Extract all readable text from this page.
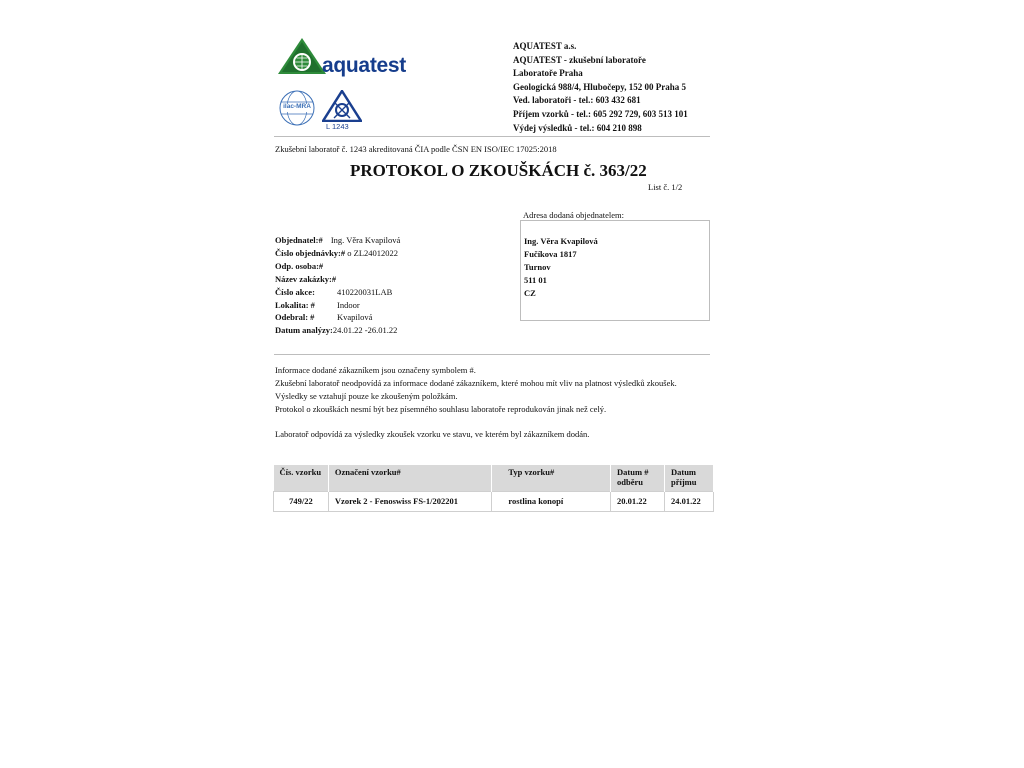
aquatest
ilac-MRA
L 1243
AQUATEST a.s.
AQUATEST - zkušební laboratoře
Laboratoře Praha
Geologická 988/4, Hlubočepy, 152 00 Praha 5
Ved. laboratoři - tel.: 603 432 681
Příjem vzorků - tel.: 605 292 729, 603 513 101
Výdej výsledků - tel.: 604 210 898
Zkušební laboratoř č. 1243 akreditovaná ČIA podle ČSN EN ISO/IEC 17025:2018
PROTOKOL O ZKOUŠKÁCH č. 363/22
List č. 1/2
Objednatel:# Ing. Věra Kvapilová
Číslo objednávky:# o ZL24012022
Odp. osoba:#
Název zakázky:#
Číslo akce:	410220031LAB
Lokalita: #	Indoor
Odebral: #	Kvapilová
Datum analýzy:24.01.22 -26.01.22
Adresa dodaná objednatelem:
Ing. Věra Kvapilová
Fučíkova 1817
Turnov
511 01
CZ
Informace dodané zákazníkem jsou označeny symbolem #.
Zkušební laboratoř neodpovídá za informace dodané zákazníkem, které mohou mít vliv na platnost výsledků zkoušek.
Výsledky se vztahují pouze ke zkoušeným položkám.
Protokol o zkouškách nesmí být bez písemného souhlasu laboratoře reprodukován jinak než celý.
Laboratoř odpovídá za výsledky zkoušek vzorku ve stavu, ve kterém byl zákazníkem dodán.
Čís. vzorku	Označení vzorku#	Typ vzorku#	Datum # odběru	Datum příjmu
749/22	Vzorek 2 - Fenoswiss FS-1/202201	rostlina konopí	20.01.22	24.01.22
